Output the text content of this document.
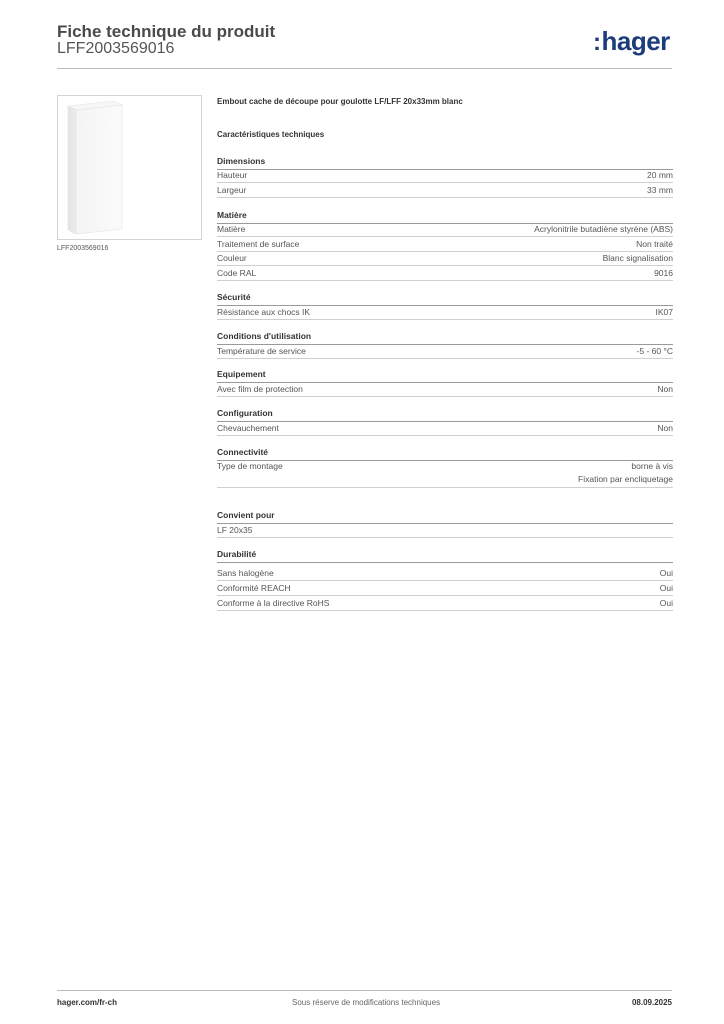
Fiche technique du produit
LFF2003569016	:hager
LFF2003569016
Embout cache de découpe pour goulotte LF/LFF 20x33mm blanc
Caractéristiques techniques
Dimensions
Hauteur	20 mm
Largeur	33 mm
Matière
Matière	Acrylonitrile butadiène styrène (ABS)
Traitement de surface	Non traité
Couleur	Blanc signalisation
Code RAL	9016
Sécurité
Résistance aux chocs IK	IK07
Conditions d'utilisation
Température de service	-5 - 60 °C
Equipement
Avec film de protection	Non
Configuration
Chevauchement	Non
Connectivité
Type de montage	borne à vis
Fixation par encliquetage
Convient pour
LF 20x35
Durabilité
Sans halogène	Oui
Conformité REACH	Oui
Conforme à la directive RoHS	Oui
hager.com/fr-ch	Sous réserve de modifications techniques	08.09.2025
